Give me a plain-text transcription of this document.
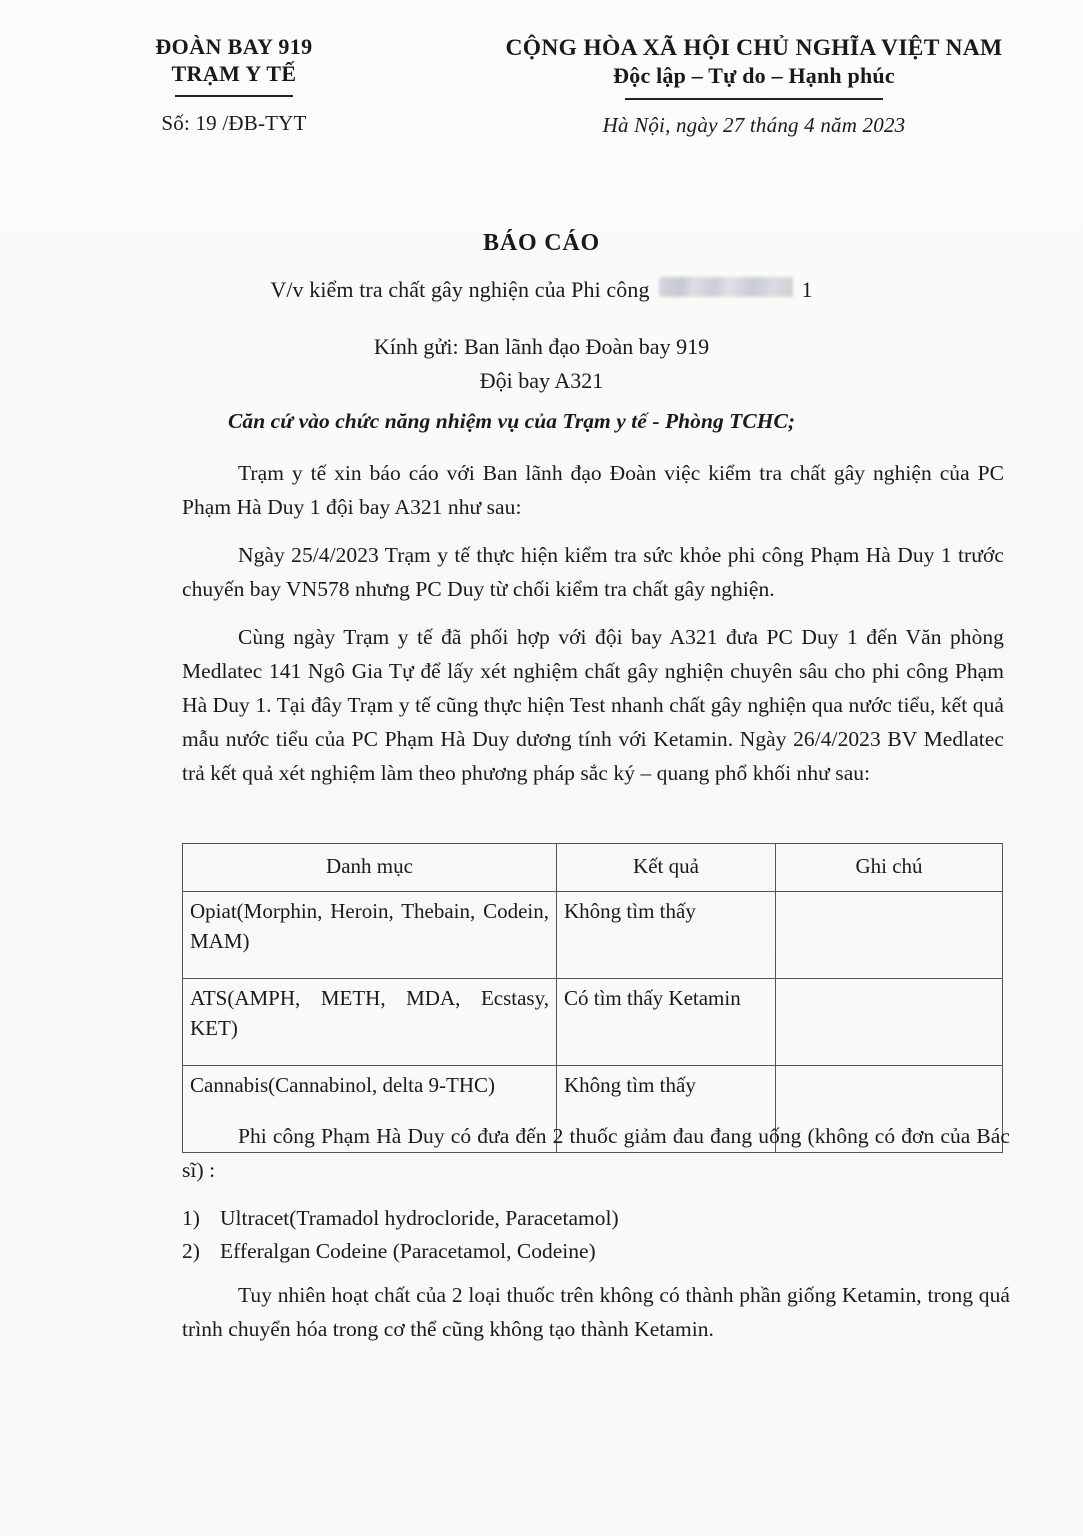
ĐOÀN BAY 919
TRẠM Y TẾ
Số: 19 /ĐB-TYT
CỘNG HÒA XÃ HỘI CHỦ NGHĨA VIỆT NAM
Độc lập – Tự do – Hạnh phúc
Hà Nội, ngày 27 tháng 4 năm 2023
BÁO CÁO
V/v kiểm tra chất gây nghiện của Phi công	1
Kính gửi: Ban lãnh đạo Đoàn bay 919
Đội bay A321

Căn cứ vào chức năng nhiệm vụ của Trạm y tế - Phòng TCHC;

Trạm y tế xin báo cáo với Ban lãnh đạo Đoàn việc kiểm tra chất gây nghiện của PC Phạm Hà Duy 1 đội bay A321 như sau:

Ngày 25/4/2023 Trạm y tế thực hiện kiểm tra sức khỏe phi công Phạm Hà Duy 1 trước chuyến bay VN578 nhưng PC Duy từ chối kiểm tra chất gây nghiện.

Cùng ngày Trạm y tế đã phối hợp với đội bay A321 đưa PC Duy 1 đến Văn phòng Medlatec 141 Ngô Gia Tự để lấy xét nghiệm chất gây nghiện chuyên sâu cho phi công Phạm Hà Duy 1. Tại đây Trạm y tế cũng thực hiện Test nhanh chất gây nghiện qua nước tiểu, kết quả mẫu nước tiểu của PC Phạm Hà Duy dương tính với Ketamin. Ngày 26/4/2023 BV Medlatec trả kết quả xét nghiệm làm theo phương pháp sắc ký – quang phổ khối như sau:

Danh mục	Kết quả	Ghi chú
Opiat(Morphin, Heroin, Thebain, Codein, MAM)	Không tìm thấy	
ATS(AMPH, METH, MDA, Ecstasy, KET)	Có tìm thấy Ketamin	
Cannabis(Cannabinol, delta 9-THC)	Không tìm thấy	

Phi công Phạm Hà Duy có đưa đến 2 thuốc giảm đau đang uống (không có đơn của Bác sĩ) :

1) Ultracet(Tramadol hydrocloride, Paracetamol)
2) Efferalgan Codeine (Paracetamol, Codeine)

Tuy nhiên hoạt chất của 2 loại thuốc trên không có thành phần giống Ketamin, trong quá trình chuyển hóa trong cơ thể cũng không tạo thành Ketamin.
